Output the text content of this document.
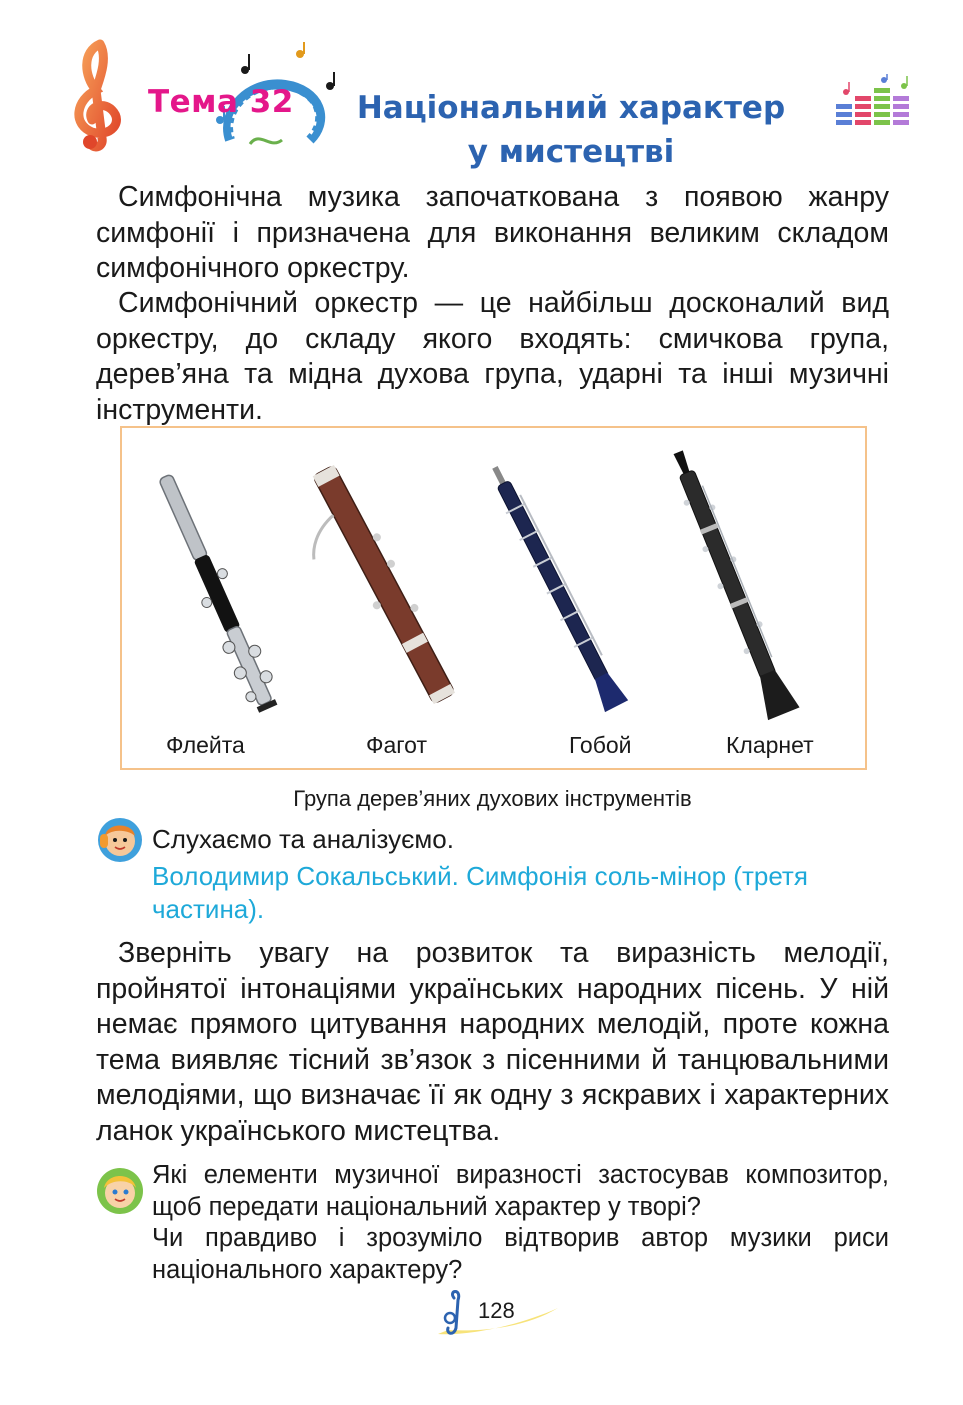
Тема 32	Національний характер
у мистецтві

Симфонічна музика започаткована з появою жанру симфонії і призначена для виконання великим складом симфонічного оркестру.

Симфонічний оркестр — це найбільш досконалий вид оркестру, до складу якого входять: смичкова група, дерев’яна та мідна духова група, ударні та інші музичні інструменти.

Флейта	Фагот	Гобой	Кларнет
Група дерев’яних духових інструментів
Слухаємо та аналізуємо.
Володимир Сокальський. Симфонія соль-мінор (третя частина).

Зверніть увагу на розвиток та виразність мелодії, пройнятої інтонаціями українських народних пісень. У ній немає прямого цитування народних мелодій, проте кожна тема виявляє тісний зв’язок з пісенними й танцювальними мелодіями, що визначає її як одну з яскравих і характерних ланок українського мистецтва.

Які елементи музичної виразності застосував композитор, щоб передати національний характер у творі?
Чи правдиво і зрозуміло відтворив автор музики риси національного характеру?
128
